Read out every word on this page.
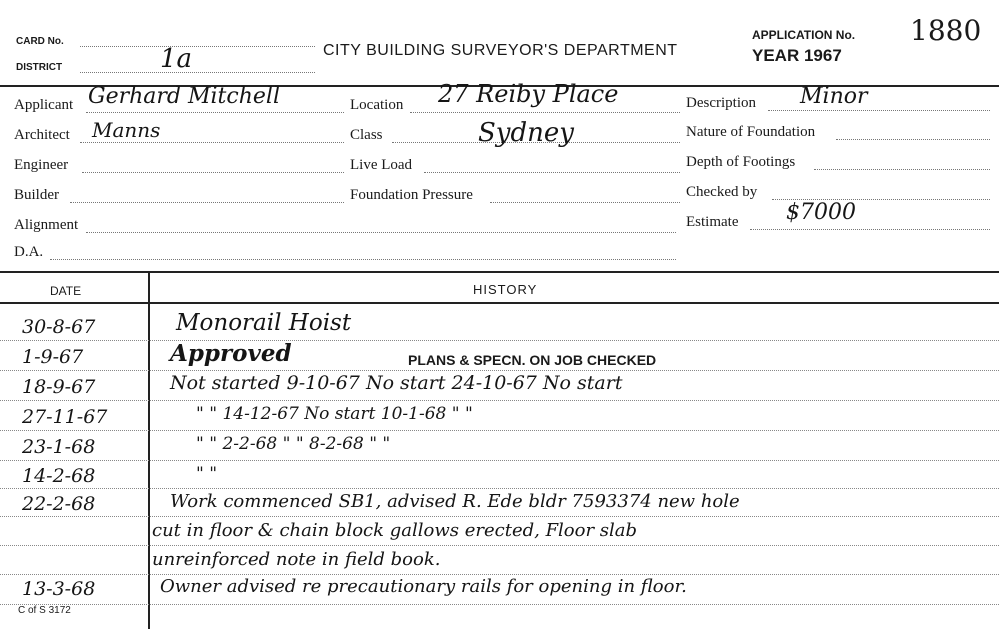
CARD No.
DISTRICT	1a	CITY BUILDING SURVEYOR'S DEPARTMENT
APPLICATION No. 1880
YEAR 1967
Applicant Gerhard Mitchell
Architect Manns
Engineer
Builder
Alignment
D.A.
Location 27 Reiby Place
Class	Sydney
Live Load
Foundation Pressure
Description Minor
Nature of Foundation
Depth of Footings
Checked by
Estimate $7000
DATE	HISTORY
30-8-67	Monorail Hoist
1-9-67	Approved	PLANS & SPECN. ON JOB CHECKED
18-9-67	Not started 9-10-67 No start 24-10-67 No start
27-11-67	" " 14-12-67 No start 10-1-68 " "
23-1-68	" " 2-2-68 " " 8-2-68 " "
14-2-68	" "
22-2-68	Work commenced SB1, advised R. Ede bldr 7593374 new hole
cut in floor & chain block gallows erected, Floor slab
unreinforced note in field book.
13-3-68	Owner advised re precautionary rails for opening in floor.
C of S 3172
